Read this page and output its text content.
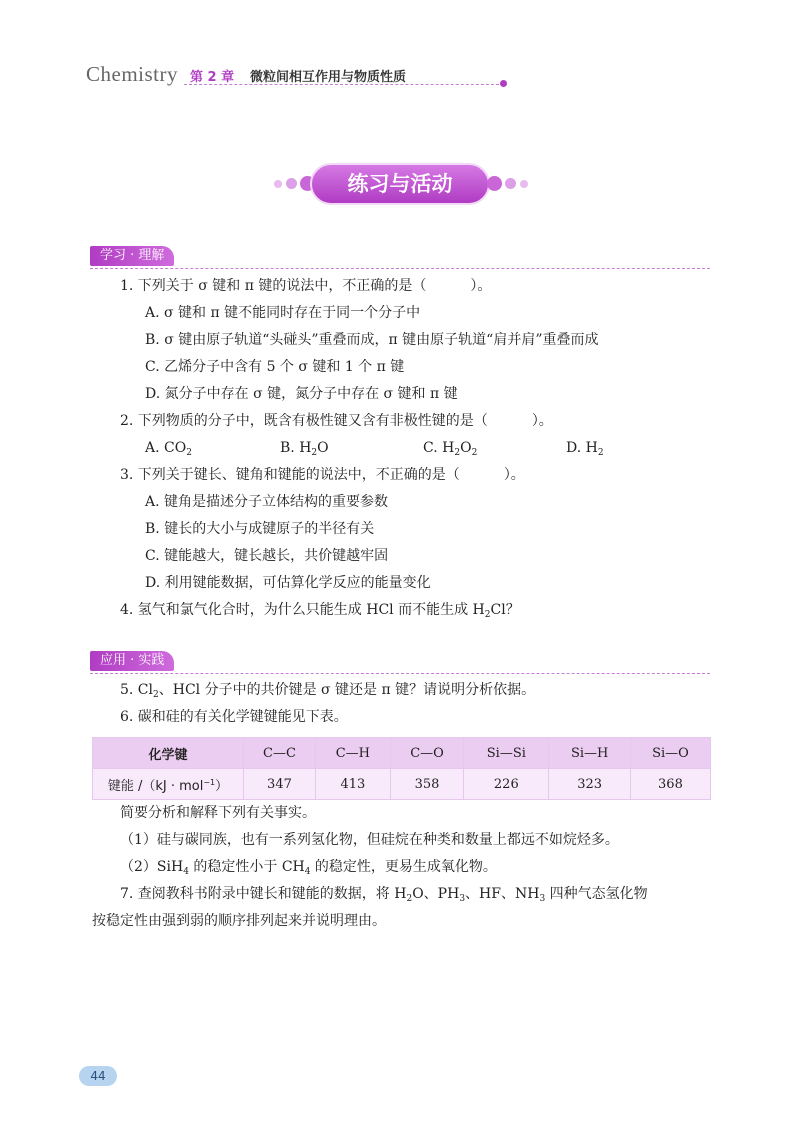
Chemistry 第 2 章 微粒间相互作用与物质性质
练习与活动
学习 · 理解
1. 下列关于 σ 键和 π 键的说法中，不正确的是（	）。
A. σ 键和 π 键不能同时存在于同一个分子中
B. σ 键由原子轨道“头碰头”重叠而成，π 键由原子轨道“肩并肩”重叠而成
C. 乙烯分子中含有 5 个 σ 键和 1 个 π 键
D. 氮分子中存在 σ 键，氮分子中存在 σ 键和 π 键
2. 下列物质的分子中，既含有极性键又含有非极性键的是（	）。
A. $CO_2$	B. $H_2O$	C. $H_2O_2$	D. $H_2$
3. 下列关于键长、键角和键能的说法中，不正确的是（	）。
A. 键角是描述分子立体结构的重要参数
B. 键长的大小与成键原子的半径有关
C. 键能越大，键长越长，共价键越牢固
D. 利用键能数据，可估算化学反应的能量变化
4. 氢气和氯气化合时，为什么只能生成 HCl 而不能生成 $H_2Cl$？
应用 · 实践
5. $Cl_2$、HCl 分子中的共价键是 σ 键还是 π 键？请说明分析依据。
6. 碳和硅的有关化学键键能见下表。
化学键	C—C	C—H	C—O	Si—Si	Si—H	Si—O
键能 /（kJ · mol$^{-1}$）	347	413	358	226	323	368
简要分析和解释下列有关事实。
（1）硅与碳同族，也有一系列氢化物，但硅烷在种类和数量上都远不如烷烃多。
（2）SiH$_4$ 的稳定性小于 $CH_4$ 的稳定性，更易生成氧化物。
7. 查阅教科书附录中键长和键能的数据，将 $H_2O$、$PH_3$、HF、$NH_3$ 四种气态氢化物
按稳定性由强到弱的顺序排列起来并说明理由。
44
